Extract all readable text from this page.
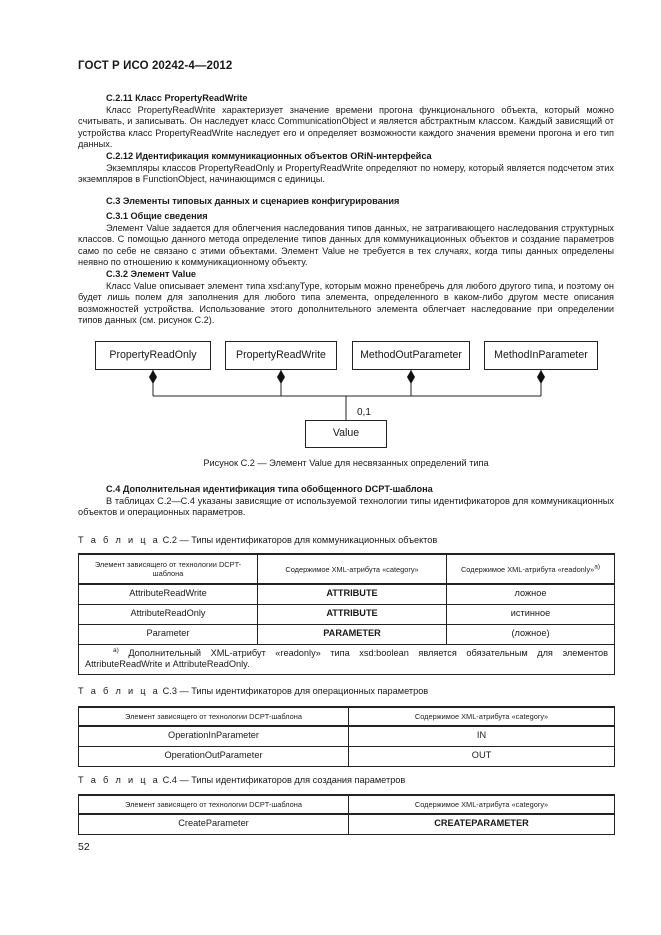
ГОСТ Р ИСО 20242-4—2012

C.2.11 Класс PropertyReadWrite

Класс PropertyReadWrite характеризует значение времени прогона функционального объекта, который можно считывать, и записывать. Он наследует класс CommunicationObject и является абстрактным классом. Каждый зависящий от устройства класс PropertyReadWrite наследует его и определяет возможности каждого значения времени прогона и его тип данных.

C.2.12 Идентификация коммуникационных объектов ORiN-интерфейса

Экземпляры классов PropertyReadOnly и PropertyReadWrite определяют по номеру, который является подсчетом этих экземпляров в FunctionObject, начинающимся с единицы.

C.3 Элементы типовых данных и сценариев конфигурирования

C.3.1 Общие сведения

Элемент Value задается для облегчения наследования типов данных, не затрагивающего наследования структурных классов. С помощью данного метода определение типов данных для коммуникационных объектов и создание параметров само по себе не связано с этими объектами. Элемент Value не требуется в тех случаях, когда типы данных определены неявно по отношению к коммуникационному объекту.

C.3.2 Элемент Value

Класс Value описывает элемент типа xsd:anyType, которым можно пренебречь для любого другого типа, и поэтому он будет лишь полем для заполнения для любого типа элемента, определенного в каком-либо другом месте описания возможностей устройства. Использование этого дополнительного элемента облегчает наследование при определении типов данных (см. рисунок С.2).

PropertyReadOnly	PropertyReadWrite	MethodOutParameter	MethodInParameter
Value
0,1
Рисунок С.2 — Элемент Value для несвязанных определений типа

C.4 Дополнительная идентификация типа обобщенного DCPT-шаблона

В таблицах С.2—С.4 указаны зависящие от используемой технологии типы идентификаторов для коммуникационных объектов и операционных параметров.

Т а б л и ц а С.2 — Типы идентификаторов для коммуникационных объектов
Элемент зависящего от технологии DCPT-шаблона	Содержимое XML-атрибута «category»	Содержимое XML-атрибута «readonly»$^{а)}$
AttributeReadWrite	ATTRIBUTE	ложное
AttributeReadOnly	ATTRIBUTE	истинное
Parameter	PARAMETER	(ложное)
$^{а)}$ Дополнительный XML-атрибут «readonly» типа xsd:boolean является обязательным для элементов AttributeReadWrite и AttributeReadOnly.		
Т а б л и ц а С.3 — Типы идентификаторов для операционных параметров
Элемент зависящего от технологии DCPT-шаблона	Содержимое XML-атрибута «category»
OperationInParameter	IN
OperationOutParameter	OUT
Т а б л и ц а С.4 — Типы идентификаторов для создания параметров
Элемент зависящего от технологии DCPT-шаблона	Содержимое XML-атрибута «category»
CreateParameter	CREATEPARAMETER
52
